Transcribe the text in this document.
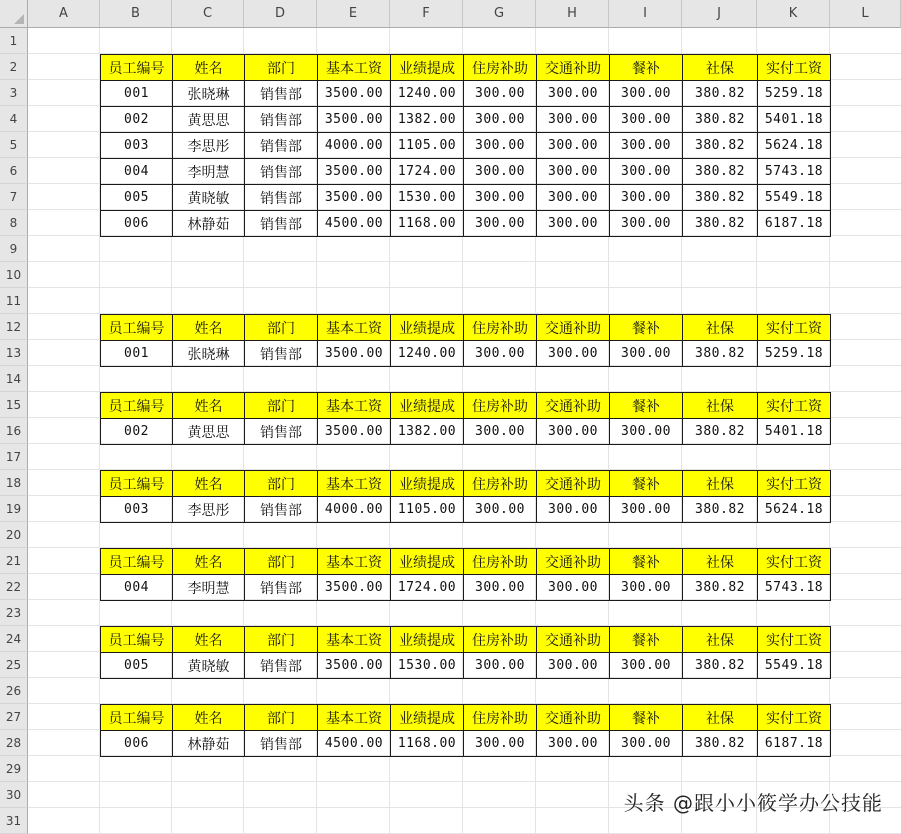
A	B	C	D	E	F	G	H	I	J	K	L
1
2
3
4
5
6
7
8
9
10
11
12
13
14
15
16
17
18
19
20
21
22
23
24
25
26
27
28
29
30
31
员工编号	姓名	部门	基本工资	业绩提成	住房补助	交通补助	餐补	社保	实付工资
001	张晓琳	销售部	3500.00	1240.00	300.00	300.00	300.00	380.82	5259.18
002	黄思思	销售部	3500.00	1382.00	300.00	300.00	300.00	380.82	5401.18
003	李思彤	销售部	4000.00	1105.00	300.00	300.00	300.00	380.82	5624.18
004	李明慧	销售部	3500.00	1724.00	300.00	300.00	300.00	380.82	5743.18
005	黄晓敏	销售部	3500.00	1530.00	300.00	300.00	300.00	380.82	5549.18
006	林静茹	销售部	4500.00	1168.00	300.00	300.00	300.00	380.82	6187.18
员工编号	姓名	部门	基本工资	业绩提成	住房补助	交通补助	餐补	社保	实付工资
001	张晓琳	销售部	3500.00	1240.00	300.00	300.00	300.00	380.82	5259.18
员工编号	姓名	部门	基本工资	业绩提成	住房补助	交通补助	餐补	社保	实付工资
002	黄思思	销售部	3500.00	1382.00	300.00	300.00	300.00	380.82	5401.18
员工编号	姓名	部门	基本工资	业绩提成	住房补助	交通补助	餐补	社保	实付工资
003	李思彤	销售部	4000.00	1105.00	300.00	300.00	300.00	380.82	5624.18
员工编号	姓名	部门	基本工资	业绩提成	住房补助	交通补助	餐补	社保	实付工资
004	李明慧	销售部	3500.00	1724.00	300.00	300.00	300.00	380.82	5743.18
员工编号	姓名	部门	基本工资	业绩提成	住房补助	交通补助	餐补	社保	实付工资
005	黄晓敏	销售部	3500.00	1530.00	300.00	300.00	300.00	380.82	5549.18
员工编号	姓名	部门	基本工资	业绩提成	住房补助	交通补助	餐补	社保	实付工资
006	林静茹	销售部	4500.00	1168.00	300.00	300.00	300.00	380.82	6187.18
头条 @跟小小筱学办公技能
